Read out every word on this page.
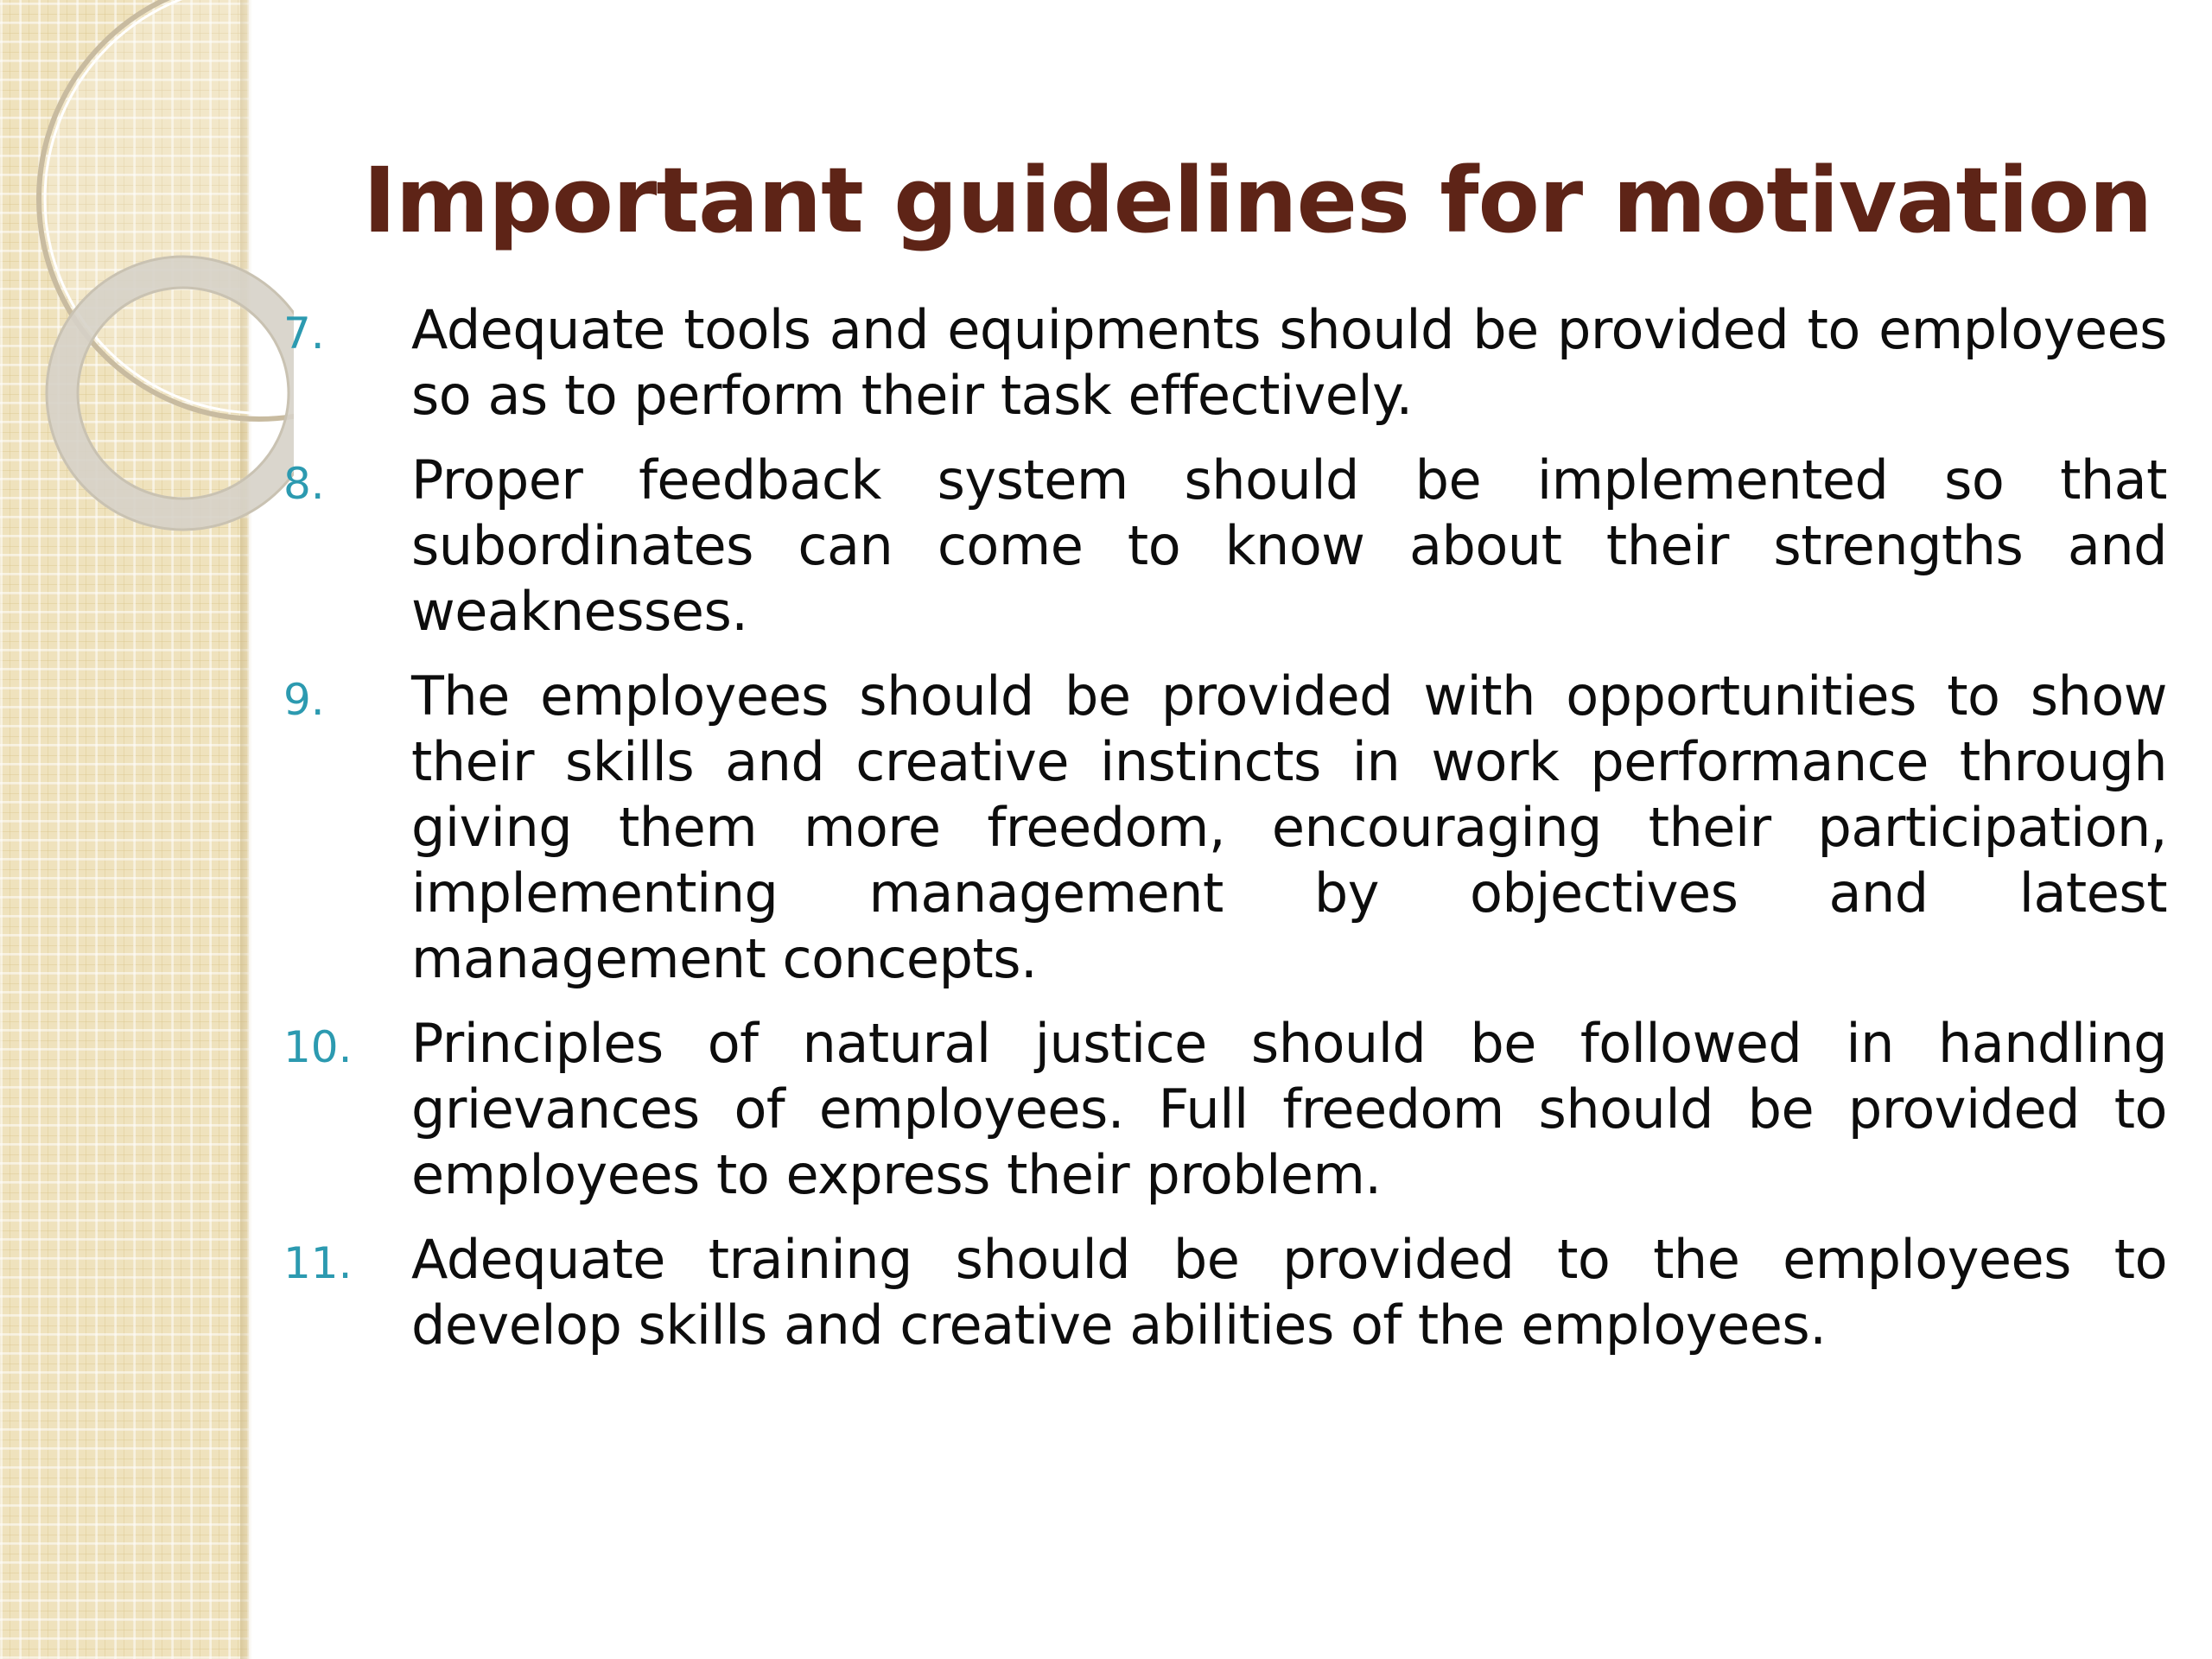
Important guidelines for motivation
7.	Adequate tools and equipments should be provided to employees so as to perform their task effectively.
8.	Proper feedback system should be implemented so that subordinates can come to know about their strengths and weaknesses.
9.	The employees should be provided with opportunities to show their skills and creative instincts in work performance through giving them more freedom, encouraging their participation, implementing management by objectives and latest management concepts.
10.	Principles of natural justice should be followed in handling grievances of employees. Full freedom should be provided to employees to express their problem.
11.	Adequate training should be provided to the employees to develop skills and creative abilities of the employees.
